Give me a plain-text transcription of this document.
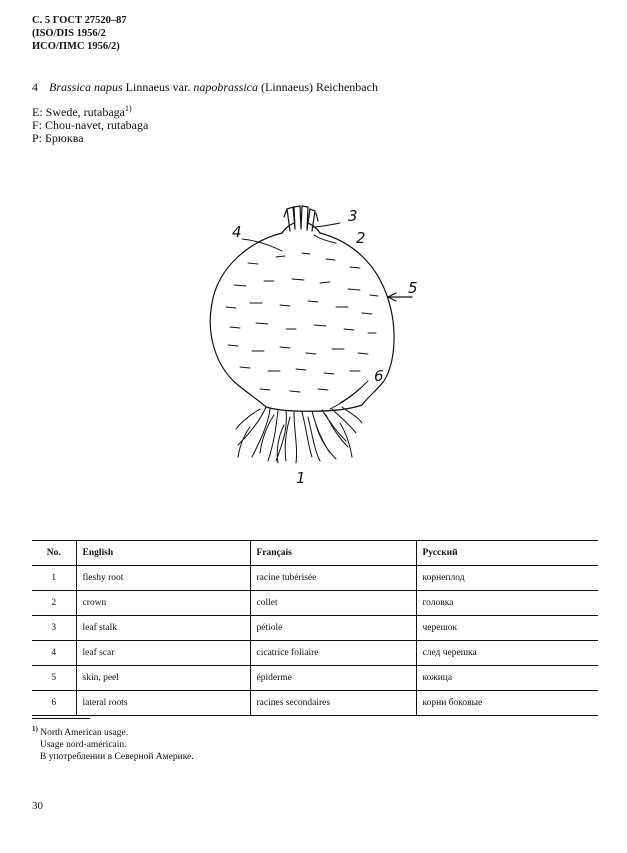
С. 5 ГОСТ 27520–87
(ISO/DIS 1956/2
ИСО/ПМС 1956/2)
4 Brassica napus Linnaeus var. napobrassica (Linnaeus) Reichenbach
E: Swede, rutabaga$^{1)}$
F: Chou-navet, rutabaga
P: Брюква
3
4	2
5
6
1
No.	English	Français	Русский
1	fleshy root	racine tubérisée	корнеплод
2	crown	collet	головка
3	leaf stalk	pétiole	черешок
4	leaf scar	cicatrice foliaire	след черешка
5	skin, peel	épiderme	кожица
6	lateral roots	racines secondaires	корни боковые
$^{1)}$ North American usage.
Usage nord-américain.
В употреблении в Северной Америке.
30
